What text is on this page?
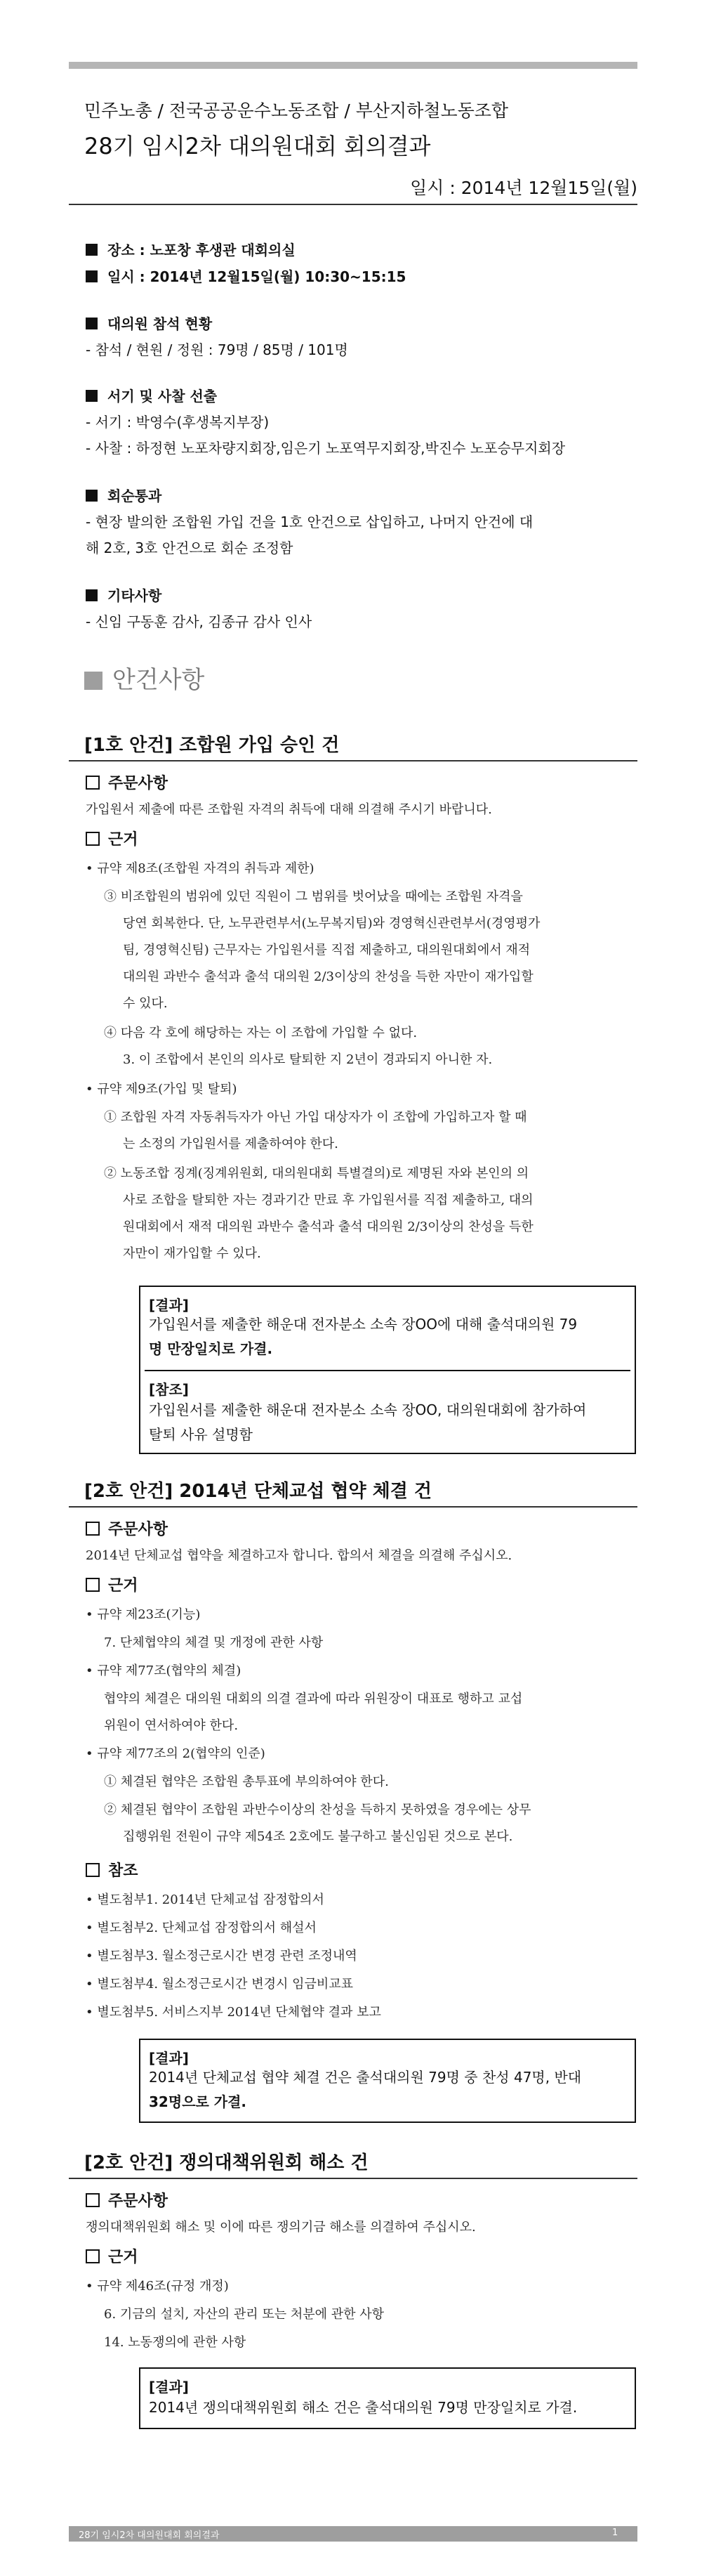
민주노총 / 전국공공운수노동조합 / 부산지하철노동조합
28기 임시2차 대의원대회 회의결과
일시 : 2014년 12월15일(월)
장소 : 노포창 후생관 대회의실
일시 : 2014년 12월15일(월) 10:30~15:15
대의원 참석 현황
- 참석 / 현원 / 정원 : 79명 / 85명 / 101명
서기 및 사찰 선출
- 서기 : 박영수(후생복지부장)
- 사찰 : 하정현 노포차량지회장,임은기 노포역무지회장,박진수 노포승무지회장
회순통과
- 현장 발의한 조합원 가입 건을 1호 안건으로 삽입하고, 나머지 안건에 대
해 2호, 3호 안건으로 회순 조정함
기타사항
- 신임 구동훈 감사, 김종규 감사 인사
안건사항
[1호 안건] 조합원 가입 승인 건
주문사항
가입원서 제출에 따른 조합원 자격의 취득에 대해 의결해 주시기 바랍니다.
근거
• 규약 제8조(조합원 자격의 취득과 제한)
③ 비조합원의 범위에 있던 직원이 그 범위를 벗어났을 때에는 조합원 자격을
당연 회복한다. 단, 노무관련부서(노무복지팀)와 경영혁신관련부서(경영평가
팀, 경영혁신팀) 근무자는 가입원서를 직접 제출하고, 대의원대회에서 재적
대의원 과반수 출석과 출석 대의원 2/3이상의 찬성을 득한 자만이 재가입할
수 있다.
④ 다음 각 호에 해당하는 자는 이 조합에 가입할 수 없다.
3. 이 조합에서 본인의 의사로 탈퇴한 지 2년이 경과되지 아니한 자.
• 규약 제9조(가입 및 탈퇴)
① 조합원 자격 자동취득자가 아닌 가입 대상자가 이 조합에 가입하고자 할 때
는 소정의 가입원서를 제출하여야 한다.
② 노동조합 징계(징계위원회, 대의원대회 특별결의)로 제명된 자와 본인의 의
사로 조합을 탈퇴한 자는 경과기간 만료 후 가입원서를 직접 제출하고, 대의
원대회에서 재적 대의원 과반수 출석과 출석 대의원 2/3이상의 찬성을 득한
자만이 재가입할 수 있다.
[결과]
가입원서를 제출한 해운대 전자분소 소속 장OO에 대해 출석대의원 79
명 만장일치로 가결.
[참조]
가입원서를 제출한 해운대 전자분소 소속 장OO, 대의원대회에 참가하여
탈퇴 사유 설명함
[2호 안건] 2014년 단체교섭 협약 체결 건
주문사항
2014년 단체교섭 협약을 체결하고자 합니다. 합의서 체결을 의결해 주십시오.
근거
• 규약 제23조(기능)
7. 단체협약의 체결 및 개정에 관한 사항
• 규약 제77조(협약의 체결)
협약의 체결은 대의원 대회의 의결 결과에 따라 위원장이 대표로 행하고 교섭
위원이 연서하여야 한다.
• 규약 제77조의 2(협약의 인준)
① 체결된 협약은 조합원 총투표에 부의하여야 한다.
② 체결된 협약이 조합원 과반수이상의 찬성을 득하지 못하였을 경우에는 상무
집행위원 전원이 규약 제54조 2호에도 불구하고 불신임된 것으로 본다.
참조
• 별도첨부1. 2014년 단체교섭 잠정합의서
• 별도첨부2. 단체교섭 잠정합의서 해설서
• 별도첨부3. 월소정근로시간 변경 관련 조정내역
• 별도첨부4. 월소정근로시간 변경시 임금비교표
• 별도첨부5. 서비스지부 2014년 단체협약 결과 보고
[결과]
2014년 단체교섭 협약 체결 건은 출석대의원 79명 중 찬성 47명, 반대
32명으로 가결.
[2호 안건] 쟁의대책위원회 해소 건
주문사항
쟁의대책위원회 해소 및 이에 따른 쟁의기금 해소를 의결하여 주십시오.
근거
• 규약 제46조(규정 개정)
6. 기금의 설치, 자산의 관리 또는 처분에 관한 사항
14. 노동쟁의에 관한 사항
[결과]
2014년 쟁의대책위원회 해소 건은 출석대의원 79명 만장일치로 가결.
28기 임시2차 대의원대회 회의결과	1
